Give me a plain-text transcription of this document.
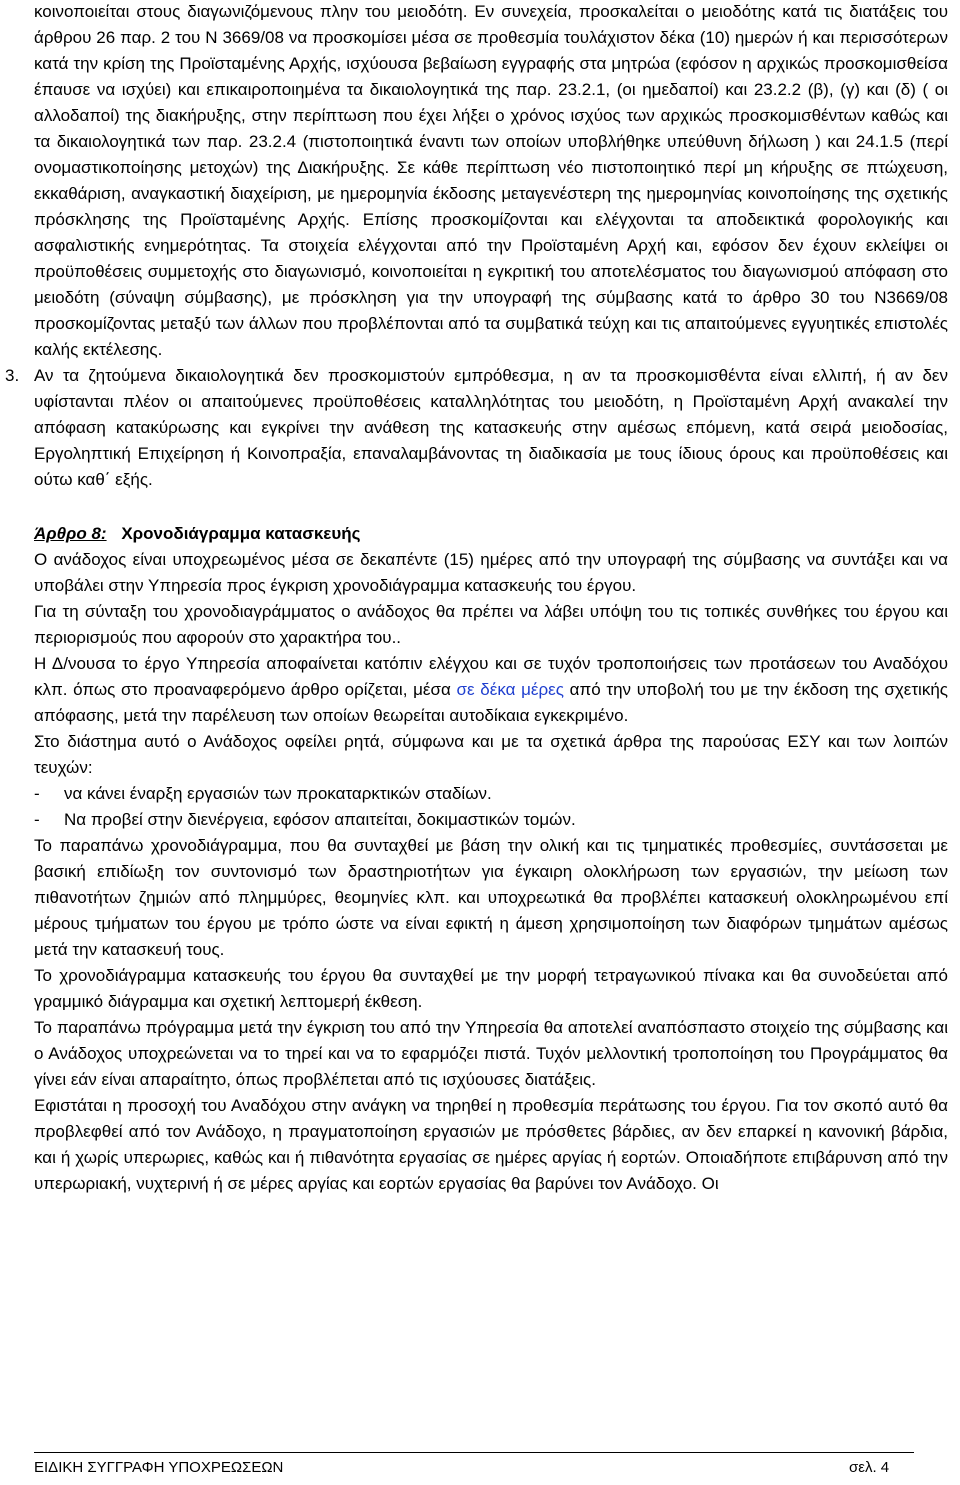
κοινοποιείται στους διαγωνιζόμενους πλην του μειοδότη. Εν συνεχεία, προσκαλείται ο μειοδότης κατά τις διατάξεις του άρθρου 26 παρ. 2 του Ν 3669/08 να προσκομίσει μέσα σε προθεσμία τουλάχιστον δέκα (10) ημερών ή και περισσότερων κατά την κρίση της Προϊσταμένης Αρχής, ισχύουσα βεβαίωση εγγραφής στα μητρώα (εφόσον η αρχικώς προσκομισθείσα έπαυσε να ισχύει) και επικαιροποιημένα τα δικαιολογητικά της παρ. 23.2.1, (οι ημεδαποί) και 23.2.2 (β), (γ) και (δ) ( οι αλλοδαποί) της διακήρυξης, στην περίπτωση που έχει λήξει ο χρόνος ισχύος των αρχικώς προσκομισθέντων καθώς και τα δικαιολογητικά των παρ. 23.2.4 (πιστοποιητικά έναντι των οποίων υποβλήθηκε υπεύθυνη δήλωση ) και 24.1.5 (περί ονομαστικοποίησης μετοχών) της Διακήρυξης. Σε κάθε περίπτωση νέο πιστοποιητικό περί μη κήρυξης σε πτώχευση, εκκαθάριση, αναγκαστική διαχείριση, με ημερομηνία έκδοσης μεταγενέστερη της ημερομηνίας κοινοποίησης της σχετικής πρόσκλησης της Προϊσταμένης Αρχής. Επίσης προσκομίζονται και ελέγχονται τα αποδεικτικά φορολογικής και ασφαλιστικής ενημερότητας. Τα στοιχεία ελέγχονται από την Προϊσταμένη Αρχή και, εφόσον δεν έχουν εκλείψει οι προϋποθέσεις συμμετοχής στο διαγωνισμό, κοινοποιείται η εγκριτική του αποτελέσματος του διαγωνισμού απόφαση στο μειοδότη (σύναψη σύμβασης), με πρόσκληση για την υπογραφή της σύμβασης κατά το άρθρο 30 του Ν3669/08 προσκομίζοντας μεταξύ των άλλων που προβλέπονται από τα συμβατικά τεύχη και τις απαιτούμενες εγγυητικές επιστολές καλής εκτέλεσης.

3. Αν τα ζητούμενα δικαιολογητικά δεν προσκομιστούν εμπρόθεσμα, η αν τα προσκομισθέντα είναι ελλιπή, ή αν δεν υφίστανται πλέον οι απαιτούμενες προϋποθέσεις καταλληλότητας του μειοδότη, η Προϊσταμένη Αρχή ανακαλεί την απόφαση κατακύρωσης και εγκρίνει την ανάθεση της κατασκευής στην αμέσως επόμενη, κατά σειρά μειοδοσίας, Εργοληπτική Επιχείρηση ή Κοινοπραξία, επαναλαμβάνοντας τη διαδικασία με τους ίδιους όρους και προϋποθέσεις και ούτω καθ΄ εξής.

Άρθρο 8: Χρονοδιάγραμμα κατασκευής

Ο ανάδοχος είναι υποχρεωμένος μέσα σε δεκαπέντε (15) ημέρες από την υπογραφή της σύμβασης να συντάξει και να υποβάλει στην Υπηρεσία προς έγκριση χρονοδιάγραμμα κατασκευής του έργου.

Για τη σύνταξη του χρονοδιαγράμματος ο ανάδοχος θα πρέπει να λάβει υπόψη του τις τοπικές συνθήκες του έργου και περιορισμούς που αφορούν στο χαρακτήρα του..

Η Δ/νουσα το έργο Υπηρεσία αποφαίνεται κατόπιν ελέγχου και σε τυχόν τροποποιήσεις των προτάσεων του Αναδόχου κλπ. όπως στο προαναφερόμενο άρθρο ορίζεται, μέσα σε δέκα μέρες από την υποβολή του με την έκδοση της σχετικής απόφασης, μετά την παρέλευση των οποίων θεωρείται αυτοδίκαια εγκεκριμένο.

Στο διάστημα αυτό ο Ανάδοχος οφείλει ρητά, σύμφωνα και με τα σχετικά άρθρα της παρούσας ΕΣΥ και των λοιπών τευχών:

-	να κάνει έναρξη εργασιών των προκαταρκτικών σταδίων.
-	Να προβεί στην διενέργεια, εφόσον απαιτείται, δοκιμαστικών τομών.

Το παραπάνω χρονοδιάγραμμα, που θα συνταχθεί με βάση την ολική και τις τμηματικές προθεσμίες, συντάσσεται με βασική επιδίωξη τον συντονισμό των δραστηριοτήτων για έγκαιρη ολοκλήρωση των εργασιών, την μείωση των πιθανοτήτων ζημιών από πλημμύρες, θεομηνίες κλπ. και υποχρεωτικά θα προβλέπει κατασκευή ολοκληρωμένου επί μέρους τμήματων του έργου με τρόπο ώστε να είναι εφικτή η άμεση χρησιμοποίηση των διαφόρων τμημάτων αμέσως μετά την κατασκευή τους.

Το χρονοδιάγραμμα κατασκευής του έργου θα συνταχθεί με την μορφή τετραγωνικού πίνακα και θα συνοδεύεται από γραμμικό διάγραμμα και σχετική λεπτομερή έκθεση.

Το παραπάνω πρόγραμμα μετά την έγκριση του από την Υπηρεσία θα αποτελεί αναπόσπαστο στοιχείο της σύμβασης και ο Ανάδοχος υποχρεώνεται να το τηρεί και να το εφαρμόζει πιστά. Τυχόν μελλοντική τροποποίηση του Προγράμματος θα γίνει εάν είναι απαραίτητο, όπως προβλέπεται από τις ισχύουσες διατάξεις.

Εφιστάται η προσοχή του Αναδόχου στην ανάγκη να τηρηθεί η προθεσμία περάτωσης του έργου. Για τον σκοπό αυτό θα προβλεφθεί από τον Ανάδοχο, η πραγματοποίηση εργασιών με πρόσθετες βάρδιες, αν δεν επαρκεί η κανονική βάρδια, και ή χωρίς υπερωριες, καθώς και ή πιθανότητα εργασίας σε ημέρες αργίας ή εορτών. Οποιαδήποτε επιβάρυνση από την υπερωριακή, νυχτερινή ή σε μέρες αργίας και εορτών εργασίας θα βαρύνει τον Ανάδοχο. Οι

ΕΙΔΙΚΗ ΣΥΓΓΡΑΦΗ ΥΠΟΧΡΕΩΣΕΩΝ	σελ. 4
